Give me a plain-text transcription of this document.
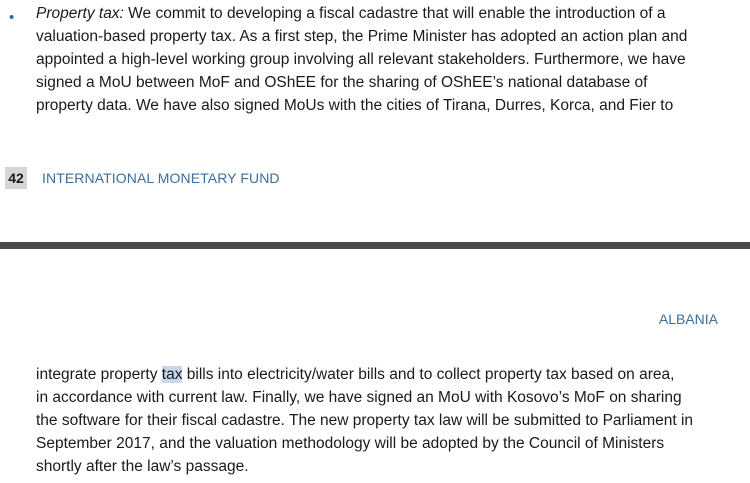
• Property tax: We commit to developing a fiscal cadastre that will enable the introduction of a
valuation-based property tax. As a first step, the Prime Minister has adopted an action plan and
appointed a high-level working group involving all relevant stakeholders. Furthermore, we have
signed a MoU between MoF and OShEE for the sharing of OShEE’s national database of
property data. We have also signed MoUs with the cities of Tirana, Durres, Korca, and Fier to

42 INTERNATIONAL MONETARY FUND
ALBANIA

integrate property tax bills into electricity/water bills and to collect property tax based on area,
in accordance with current law. Finally, we have signed an MoU with Kosovo’s MoF on sharing
the software for their fiscal cadastre. The new property tax law will be submitted to Parliament in
September 2017, and the valuation methodology will be adopted by the Council of Ministers
shortly after the law’s passage.
